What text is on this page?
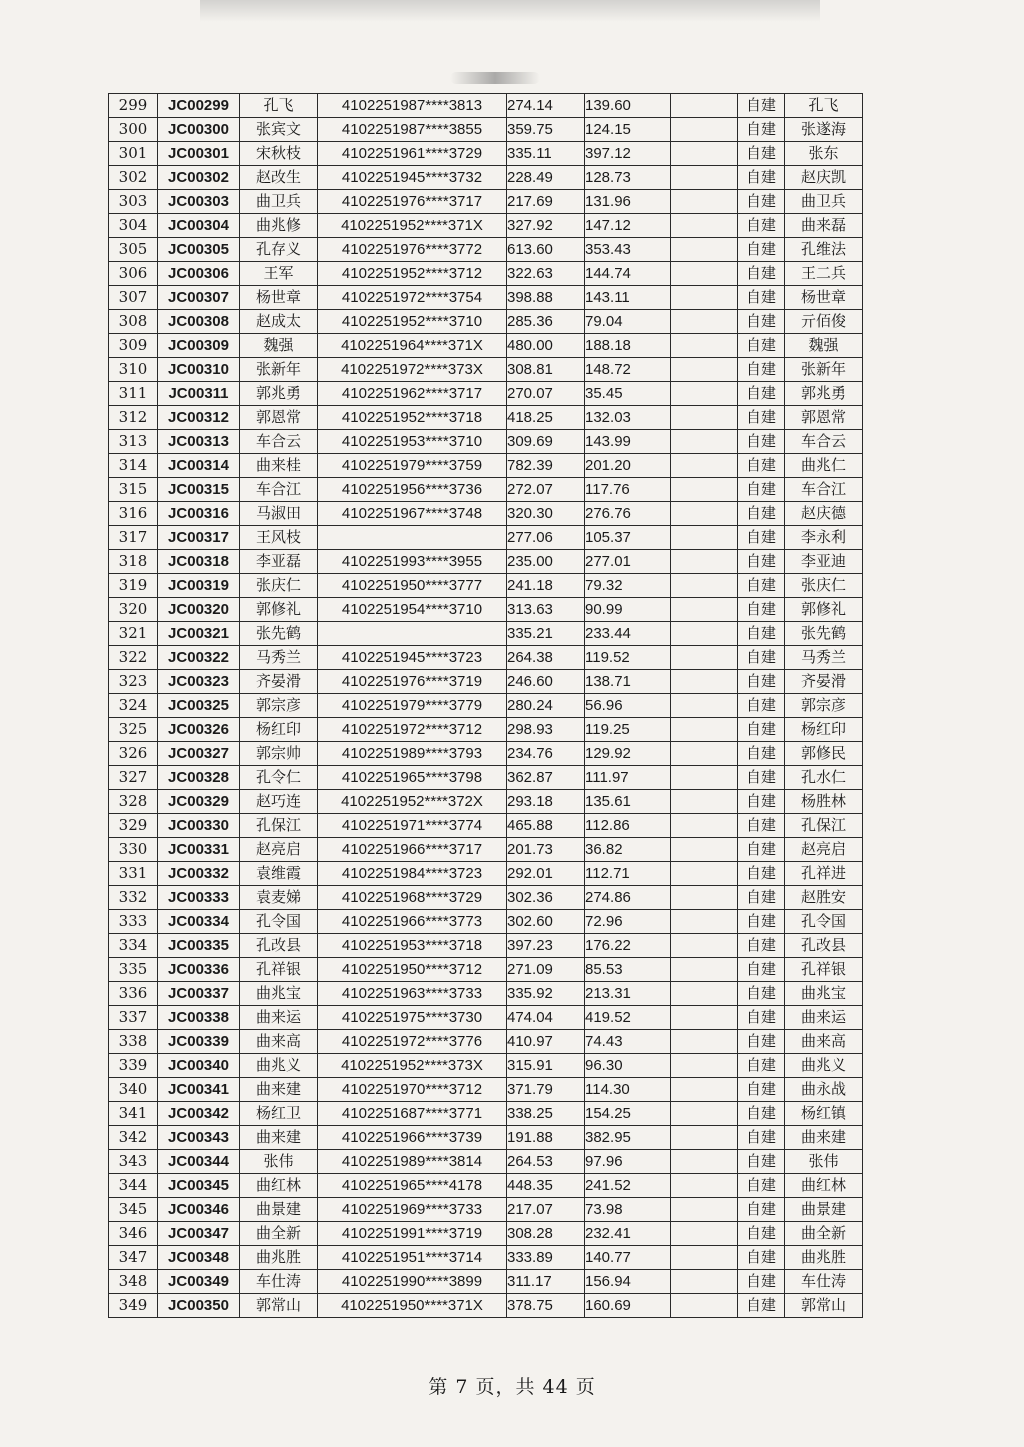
299	JC00299	孔飞	4102251987****3813	274.14	139.60		自建	孔飞
300	JC00300	张宾文	4102251987****3855	359.75	124.15		自建	张遂海
301	JC00301	宋秋枝	4102251961****3729	335.11	397.12		自建	张东
302	JC00302	赵改生	4102251945****3732	228.49	128.73		自建	赵庆凯
303	JC00303	曲卫兵	4102251976****3717	217.69	131.96		自建	曲卫兵
304	JC00304	曲兆修	4102251952****371X	327.92	147.12		自建	曲来磊
305	JC00305	孔存义	4102251976****3772	613.60	353.43		自建	孔维法
306	JC00306	王军	4102251952****3712	322.63	144.74		自建	王二兵
307	JC00307	杨世章	4102251972****3754	398.88	143.11		自建	杨世章
308	JC00308	赵成太	4102251952****3710	285.36	79.04		自建	亓佰俊
309	JC00309	魏强	4102251964****371X	480.00	188.18		自建	魏强
310	JC00310	张新年	4102251972****373X	308.81	148.72		自建	张新年
311	JC00311	郭兆勇	4102251962****3717	270.07	35.45		自建	郭兆勇
312	JC00312	郭恩常	4102251952****3718	418.25	132.03		自建	郭恩常
313	JC00313	车合云	4102251953****3710	309.69	143.99		自建	车合云
314	JC00314	曲来桂	4102251979****3759	782.39	201.20		自建	曲兆仁
315	JC00315	车合江	4102251956****3736	272.07	117.76		自建	车合江
316	JC00316	马淑田	4102251967****3748	320.30	276.76		自建	赵庆德
317	JC00317	王风枝		277.06	105.37		自建	李永利
318	JC00318	李亚磊	4102251993****3955	235.00	277.01		自建	李亚迪
319	JC00319	张庆仁	4102251950****3777	241.18	79.32		自建	张庆仁
320	JC00320	郭修礼	4102251954****3710	313.63	90.99		自建	郭修礼
321	JC00321	张先鹤		335.21	233.44		自建	张先鹤
322	JC00322	马秀兰	4102251945****3723	264.38	119.52		自建	马秀兰
323	JC00323	齐晏滑	4102251976****3719	246.60	138.71		自建	齐晏滑
324	JC00325	郭宗彦	4102251979****3779	280.24	56.96		自建	郭宗彦
325	JC00326	杨红印	4102251972****3712	298.93	119.25		自建	杨红印
326	JC00327	郭宗帅	4102251989****3793	234.76	129.92		自建	郭修民
327	JC00328	孔令仁	4102251965****3798	362.87	111.97		自建	孔水仁
328	JC00329	赵巧连	4102251952****372X	293.18	135.61		自建	杨胜林
329	JC00330	孔保江	4102251971****3774	465.88	112.86		自建	孔保江
330	JC00331	赵亮启	4102251966****3717	201.73	36.82		自建	赵亮启
331	JC00332	袁维霞	4102251984****3723	292.01	112.71		自建	孔祥进
332	JC00333	袁麦娣	4102251968****3729	302.36	274.86		自建	赵胜安
333	JC00334	孔令国	4102251966****3773	302.60	72.96		自建	孔令国
334	JC00335	孔改县	4102251953****3718	397.23	176.22		自建	孔改县
335	JC00336	孔祥银	4102251950****3712	271.09	85.53		自建	孔祥银
336	JC00337	曲兆宝	4102251963****3733	335.92	213.31		自建	曲兆宝
337	JC00338	曲来运	4102251975****3730	474.04	419.52		自建	曲来运
338	JC00339	曲来高	4102251972****3776	410.97	74.43		自建	曲来高
339	JC00340	曲兆义	4102251952****373X	315.91	96.30		自建	曲兆义
340	JC00341	曲来建	4102251970****3712	371.79	114.30		自建	曲永战
341	JC00342	杨红卫	4102251687****3771	338.25	154.25		自建	杨红镇
342	JC00343	曲来建	4102251966****3739	191.88	382.95		自建	曲来建
343	JC00344	张伟	4102251989****3814	264.53	97.96		自建	张伟
344	JC00345	曲红林	4102251965****4178	448.35	241.52		自建	曲红林
345	JC00346	曲景建	4102251969****3733	217.07	73.98		自建	曲景建
346	JC00347	曲全新	4102251991****3719	308.28	232.41		自建	曲全新
347	JC00348	曲兆胜	4102251951****3714	333.89	140.77		自建	曲兆胜
348	JC00349	车仕涛	4102251990****3899	311.17	156.94		自建	车仕涛
349	JC00350	郭常山	4102251950****371X	378.75	160.69		自建	郭常山
第 7 页，共 44 页
